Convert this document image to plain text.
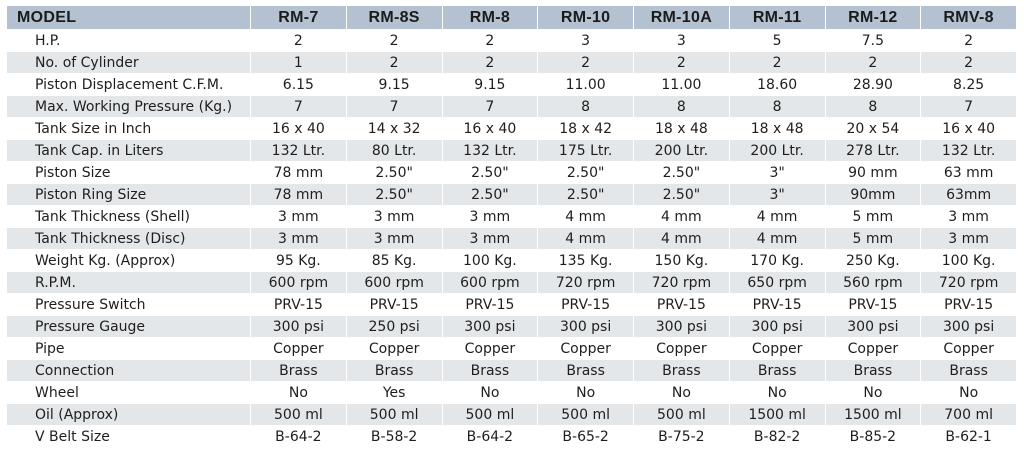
MODEL	RM-7	RM-8S	RM-8	RM-10	RM-10A	RM-11	RM-12	RMV-8
H.P.	2	2	2	3	3	5	7.5	2
No. of Cylinder	1	2	2	2	2	2	2	2
Piston Displacement C.F.M.	6.15	9.15	9.15	11.00	11.00	18.60	28.90	8.25
Max. Working Pressure (Kg.)	7	7	7	8	8	8	8	7
Tank Size in Inch	16 x 40	14 x 32	16 x 40	18 x 42	18 x 48	18 x 48	20 x 54	16 x 40
Tank Cap. in Liters	132 Ltr.	80 Ltr.	132 Ltr.	175 Ltr.	200 Ltr.	200 Ltr.	278 Ltr.	132 Ltr.
Piston Size	78 mm	2.50"	2.50"	2.50"	2.50"	3"	90 mm	63 mm
Piston Ring Size	78 mm	2.50"	2.50"	2.50"	2.50"	3"	90mm	63mm
Tank Thickness (Shell)	3 mm	3 mm	3 mm	4 mm	4 mm	4 mm	5 mm	3 mm
Tank Thickness (Disc)	3 mm	3 mm	3 mm	4 mm	4 mm	4 mm	5 mm	3 mm
Weight Kg. (Approx)	95 Kg.	85 Kg.	100 Kg.	135 Kg.	150 Kg.	170 Kg.	250 Kg.	100 Kg.
R.P.M.	600 rpm	600 rpm	600 rpm	720 rpm	720 rpm	650 rpm	560 rpm	720 rpm
Pressure Switch	PRV-15	PRV-15	PRV-15	PRV-15	PRV-15	PRV-15	PRV-15	PRV-15
Pressure Gauge	300 psi	250 psi	300 psi	300 psi	300 psi	300 psi	300 psi	300 psi
Pipe	Copper	Copper	Copper	Copper	Copper	Copper	Copper	Copper
Connection	Brass	Brass	Brass	Brass	Brass	Brass	Brass	Brass
Wheel	No	Yes	No	No	No	No	No	No
Oil (Approx)	500 ml	500 ml	500 ml	500 ml	500 ml	1500 ml	1500 ml	700 ml
V Belt Size	B-64-2	B-58-2	B-64-2	B-65-2	B-75-2	B-82-2	B-85-2	B-62-1
